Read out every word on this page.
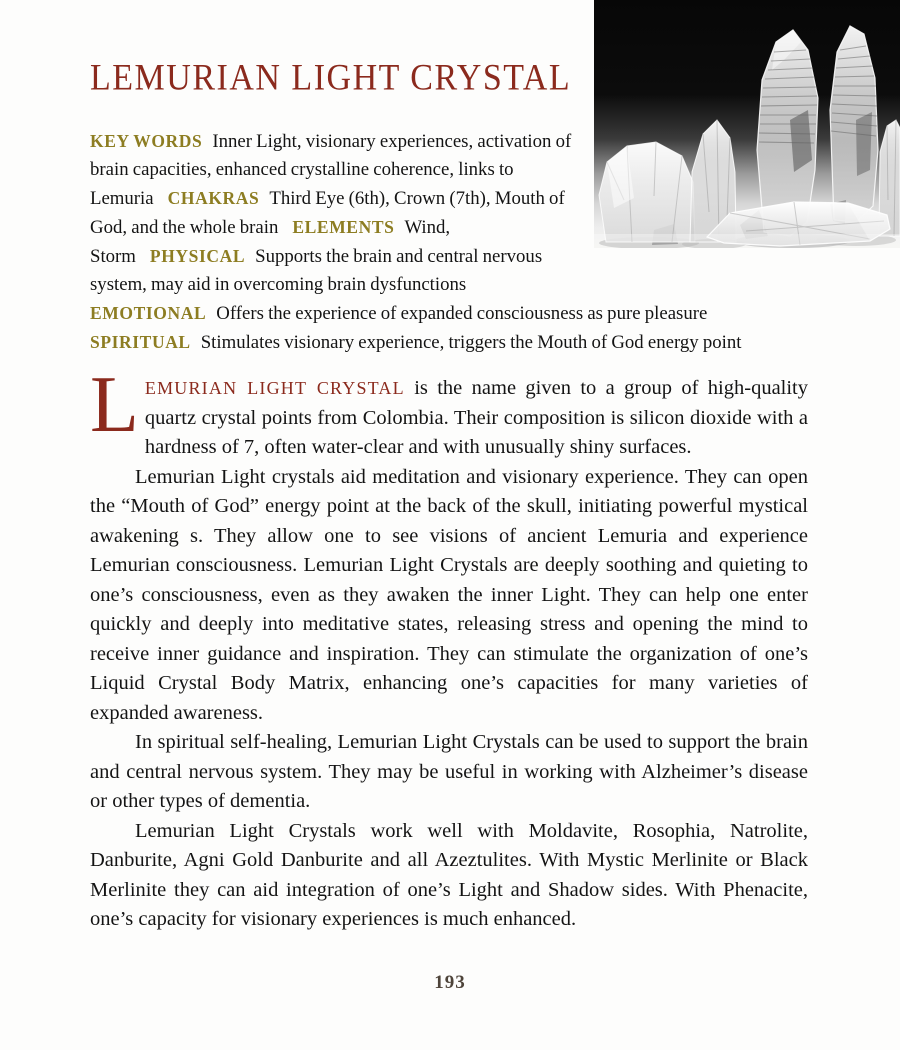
LEMURIAN LIGHT CRYSTAL

KEY WORDS Inner Light, visionary experiences, activation of brain capacities, enhanced crystalline coherence, links to Lemuria CHAKRAS Third Eye (6th), Crown (7th), Mouth of God, and the whole brain ELEMENTS Wind, Storm PHYSICAL Supports the brain and central nervous system, may aid in overcoming brain dysfunctions
EMOTIONAL Offers the experience of expanded consciousness as pure pleasure
SPIRITUAL Stimulates visionary experience, triggers the Mouth of God energy point

LEMURIAN LIGHT CRYSTAL is the name given to a group of high-quality quartz crystal points from Colombia. Their composition is silicon dioxide with a hardness of 7, often water-clear and with unusually shiny surfaces.

Lemurian Light crystals aid meditation and visionary experience. They can open the “Mouth of God” energy point at the back of the skull, initiating powerful mystical awakening s. They allow one to see visions of ancient Lemuria and experience Lemurian consciousness. Lemurian Light Crystals are deeply soothing and quieting to one’s consciousness, even as they awaken the inner Light. They can help one enter quickly and deeply into meditative states, releasing stress and opening the mind to receive inner guidance and inspiration. They can stimulate the organization of one’s Liquid Crystal Body Matrix, enhancing one’s capacities for many varieties of expanded awareness.

In spiritual self-healing, Lemurian Light Crystals can be used to support the brain and central nervous system. They may be useful in working with Alzheimer’s disease or other types of dementia.

Lemurian Light Crystals work well with Moldavite, Rosophia, Natrolite, Danburite, Agni Gold Danburite and all Azeztulites. With Mystic Merlinite or Black Merlinite they can aid integration of one’s Light and Shadow sides. With Phenacite, one’s capacity for visionary experiences is much enhanced.

193
